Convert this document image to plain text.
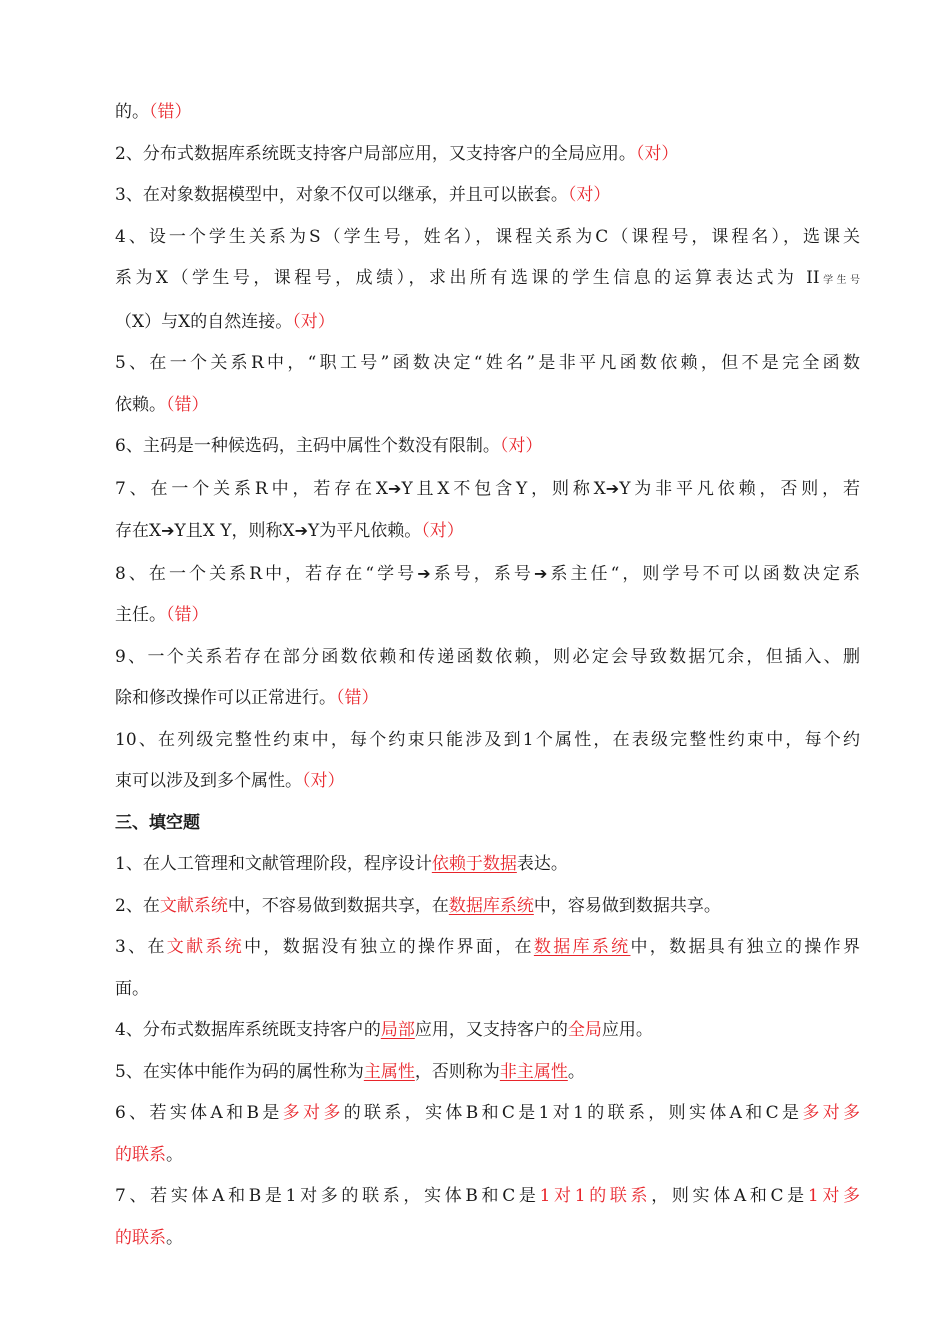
的。（错）
2、分布式数据库系统既支持客户局部应用，又支持客户的全局应用。（对）
3、在对象数据模型中，对象不仅可以继承，并且可以嵌套。（对）
4、设一个学生关系为S（学生号，姓名），课程关系为C（课程号，课程名），选课关
系为X（学生号，课程号，成绩），求出所有选课的学生信息的运算表达式为 II学生号
（X）与X的自然连接。（对）
5、在一个关系R中，“职工号”函数决定“姓名”是非平凡函数依赖，但不是完全函数
依赖。（错）
6、主码是一种候选码，主码中属性个数没有限制。（对）
7、在一个关系R中，若存在X➔Y且X不包含Y，则称X➔Y为非平凡依赖，否则，若
存在X➔Y且X Y，则称X➔Y为平凡依赖。（对）
8、在一个关系R中，若存在“学号➔系号，系号➔系主任“，则学号不可以函数决定系
主任。（错）
9、一个关系若存在部分函数依赖和传递函数依赖，则必定会导致数据冗余，但插入、删
除和修改操作可以正常进行。（错）
10、在列级完整性约束中，每个约束只能涉及到1个属性，在表级完整性约束中，每个约
束可以涉及到多个属性。（对）
三、填空题
1、在人工管理和文献管理阶段，程序设计依赖于数据表达。
2、在文献系统中，不容易做到数据共享，在数据库系统中，容易做到数据共享。
3、在文献系统中，数据没有独立的操作界面，在数据库系统中，数据具有独立的操作界
面。
4、分布式数据库系统既支持客户的局部应用，又支持客户的全局应用。
5、在实体中能作为码的属性称为主属性，否则称为非主属性。
6、若实体A和B是多对多的联系，实体B和C是1对1的联系，则实体A和C是多对多
的联系。
7、若实体A和B是1对多的联系，实体B和C是1对1的联系，则实体A和C是1对多
的联系。
